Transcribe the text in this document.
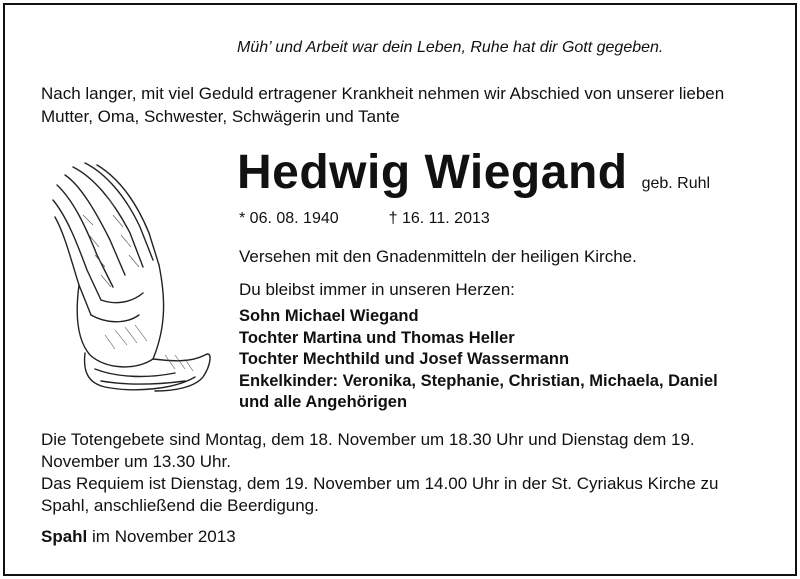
Müh’ und Arbeit war dein Leben, Ruhe hat dir Gott gegeben.
Nach langer, mit viel Geduld ertragener Krankheit nehmen wir Abschied von unserer lieben Mutter, Oma, Schwester, Schwägerin und Tante
Hedwig Wiegand geb. Ruhl
* 06. 08. 1940	† 16. 11. 2013
Versehen mit den Gnadenmitteln der heiligen Kirche.
Du bleibst immer in unseren Herzen:
Sohn Michael Wiegand
Tochter Martina und Thomas Heller
Tochter Mechthild und Josef Wassermann
Enkelkinder: Veronika, Stephanie, Christian, Michaela, Daniel
und alle Angehörigen
Die Totengebete sind Montag, dem 18. November um 18.30 Uhr und Dienstag dem 19. November um 13.30 Uhr.
Das Requiem ist Dienstag, dem 19. November um 14.00 Uhr in der St. Cyriakus Kirche zu Spahl, anschließend die Beerdigung.
Spahl im November 2013
